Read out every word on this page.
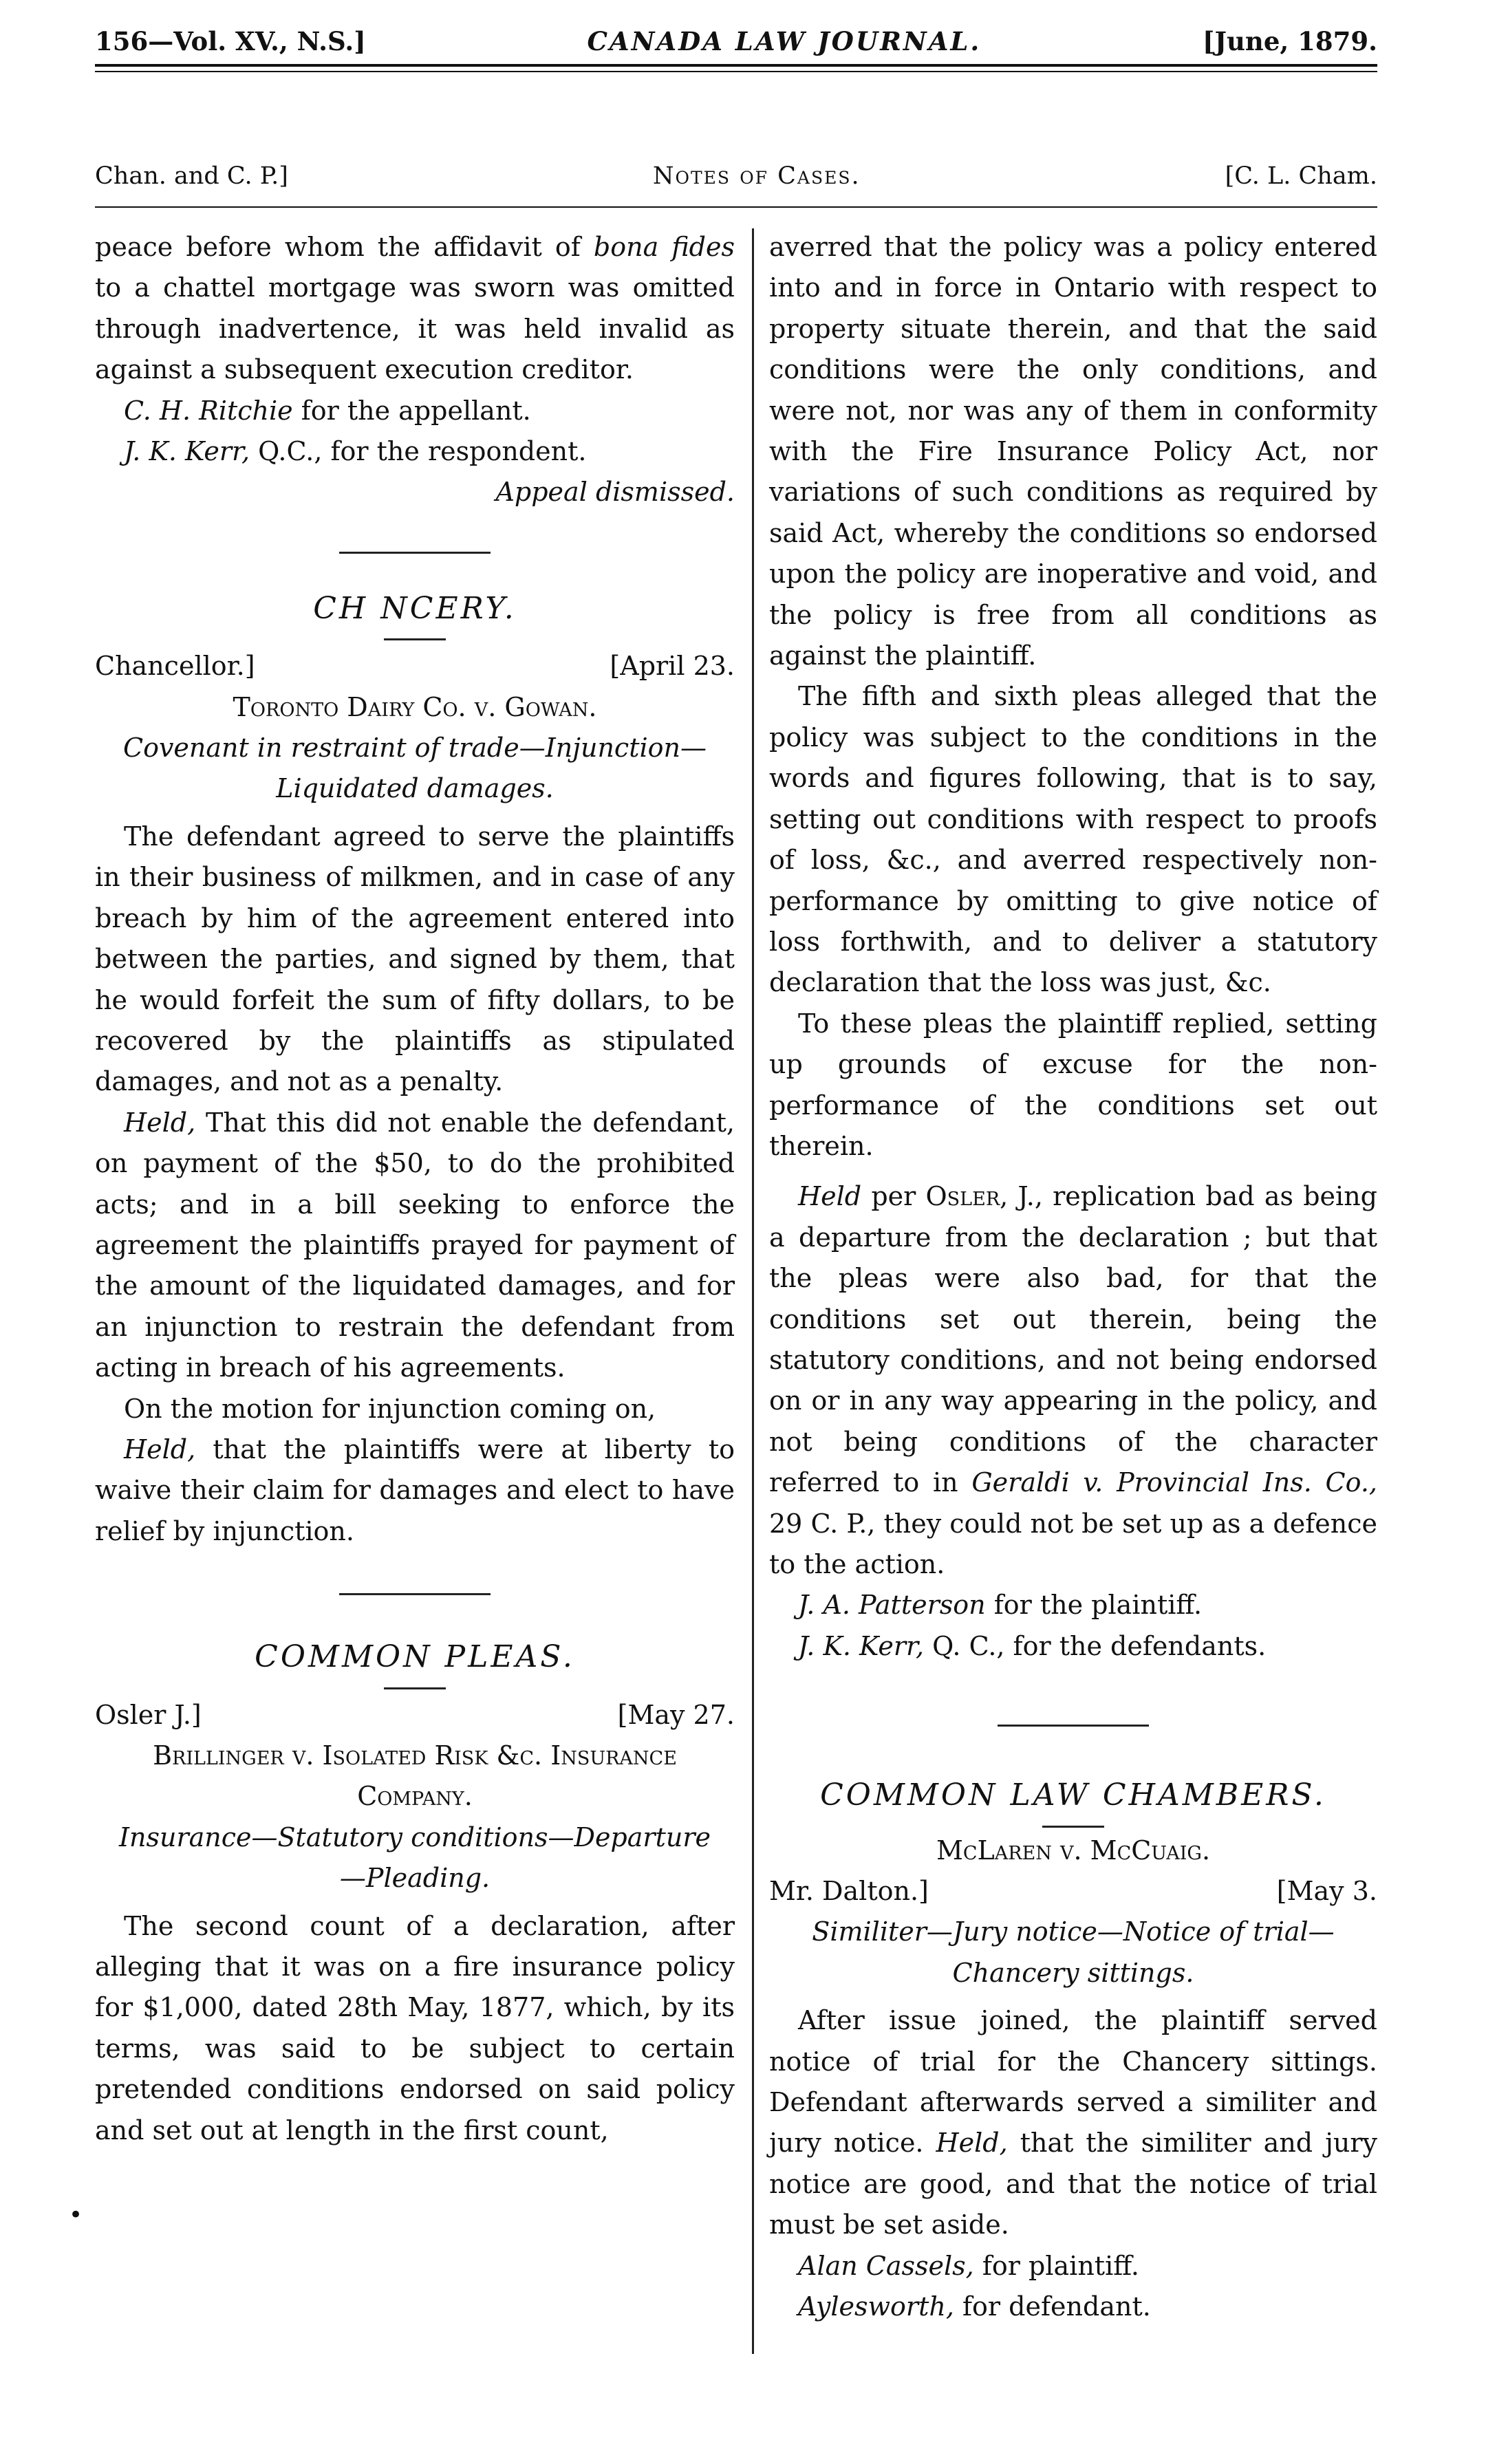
156—Vol. XV., N.S.]	CANADA LAW JOURNAL.	[June, 1879.
Chan. and C. P.]	Notes of Cases.	[C. L. Cham.

peace before whom the affidavit of bona fides to a chattel mortgage was sworn was omitted through inadvertence, it was held invalid as against a subsequent execution creditor.

C. H. Ritchie for the appellant.

J. K. Kerr, Q.C., for the respondent.

Appeal dismissed.

CH NCERY.
Chancellor.]	[April 23.
Toronto Dairy Co. v. Gowan.
Covenant in restraint of trade—Injunction— Liquidated damages.

The defendant agreed to serve the plaintiffs in their business of milkmen, and in case of any breach by him of the agreement entered into between the parties, and signed by them, that he would forfeit the sum of fifty dollars, to be recovered by the plaintiffs as stipulated damages, and not as a penalty.

Held, That this did not enable the defendant, on payment of the $50, to do the prohibited acts; and in a bill seeking to enforce the agreement the plaintiffs prayed for payment of the amount of the liquidated damages, and for an injunction to restrain the defendant from acting in breach of his agreements.

On the motion for injunction coming on,

Held, that the plaintiffs were at liberty to waive their claim for damages and elect to have relief by injunction.

COMMON PLEAS.
Osler J.]	[May 27.
Brillinger v. Isolated Risk &c. Insurance Company.
Insurance—Statutory conditions—Departure —Pleading.

The second count of a declaration, after alleging that it was on a fire insurance policy for $1,000, dated 28th May, 1877, which, by its terms, was said to be subject to certain pretended conditions endorsed on said policy and set out at length in the first count,

•

averred that the policy was a policy entered into and in force in Ontario with respect to property situate therein, and that the said conditions were the only conditions, and were not, nor was any of them in conformity with the Fire Insurance Policy Act, nor variations of such conditions as required by said Act, whereby the conditions so endorsed upon the policy are inoperative and void, and the policy is free from all conditions as against the plaintiff.

The fifth and sixth pleas alleged that the policy was subject to the conditions in the words and figures following, that is to say, setting out conditions with respect to proofs of loss, &c., and averred respectively non-performance by omitting to give notice of loss forthwith, and to deliver a statutory declaration that the loss was just, &c.

To these pleas the plaintiff replied, setting up grounds of excuse for the non-performance of the conditions set out therein.

Held per Osler, J., replication bad as being a departure from the declaration ; but that the pleas were also bad, for that the conditions set out therein, being the statutory conditions, and not being endorsed on or in any way appearing in the policy, and not being conditions of the character referred to in Geraldi v. Provincial Ins. Co., 29 C. P., they could not be set up as a defence to the action.

J. A. Patterson for the plaintiff.

J. K. Kerr, Q. C., for the defendants.

COMMON LAW CHAMBERS.
McLaren v. McCuaig.
Mr. Dalton.]	[May 3.
Similiter—Jury notice—Notice of trial— Chancery sittings.

After issue joined, the plaintiff served notice of trial for the Chancery sittings. Defendant afterwards served a similiter and jury notice. Held, that the similiter and jury notice are good, and that the notice of trial must be set aside.

Alan Cassels, for plaintiff.

Aylesworth, for defendant.
